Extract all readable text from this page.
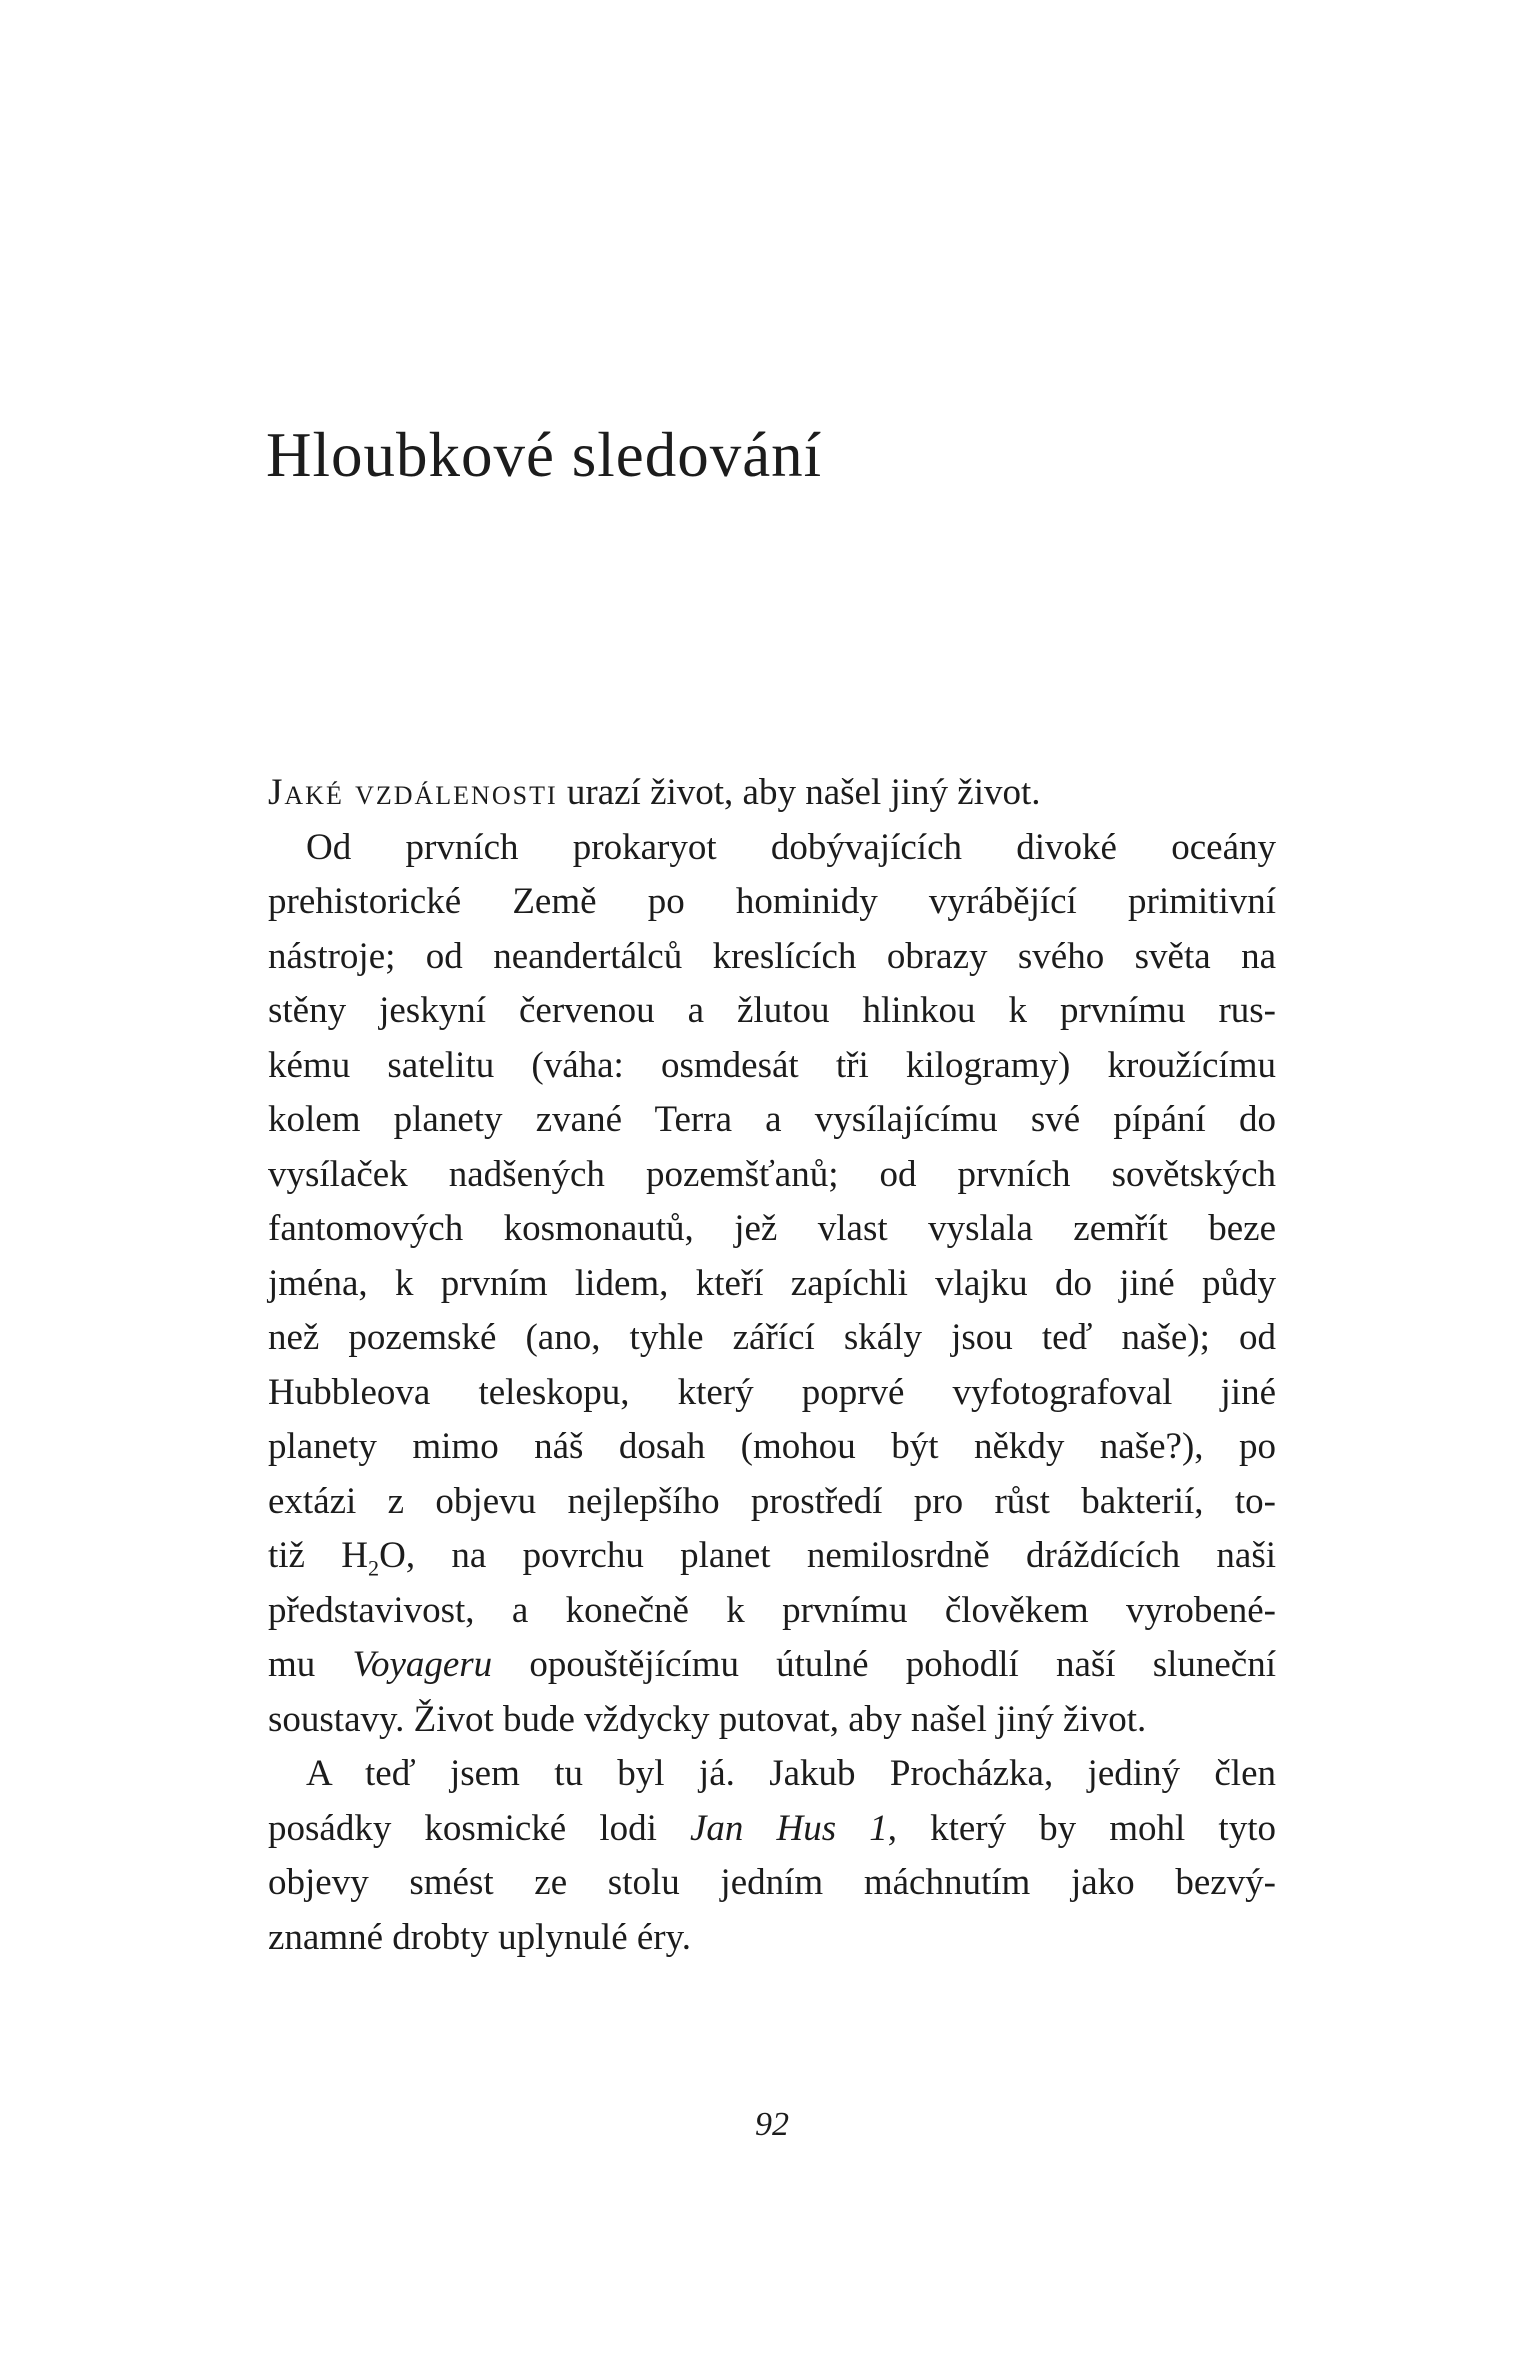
Hloubkové sledování
Jaké vzdálenosti urazí život, aby našel jiný život.
Od prvních prokaryot dobývajících divoké oceány
prehistorické Země po hominidy vyrábějící primitivní
nástroje; od neandertálců kreslících obrazy svého světa na
stěny jeskyní červenou a žlutou hlinkou k prvnímu rus-
kému satelitu (váha: osmdesát tři kilogramy) kroužícímu
kolem planety zvané Terra a vysílajícímu své pípání do
vysílaček nadšených pozemšťanů; od prvních sovětských
fantomových kosmonautů, jež vlast vyslala zemřít beze
jména, k prvním lidem, kteří zapíchli vlajku do jiné půdy
než pozemské (ano, tyhle zářící skály jsou teď naše); od
Hubbleova teleskopu, který poprvé vyfotografoval jiné
planety mimo náš dosah (mohou být někdy naše?), po
extázi z objevu nejlepšího prostředí pro růst bakterií, to-
tiž $H_2O$, na povrchu planet nemilosrdně dráždících naši
představivost, a konečně k prvnímu člověkem vyrobené-
mu Voyageru opouštějícímu útulné pohodlí naší sluneční
soustavy. Život bude vždycky putovat, aby našel jiný život.
A teď jsem tu byl já. Jakub Procházka, jediný člen
posádky kosmické lodi Jan Hus 1, který by mohl tyto
objevy smést ze stolu jedním máchnutím jako bezvý-
znamné drobty uplynulé éry.
92
